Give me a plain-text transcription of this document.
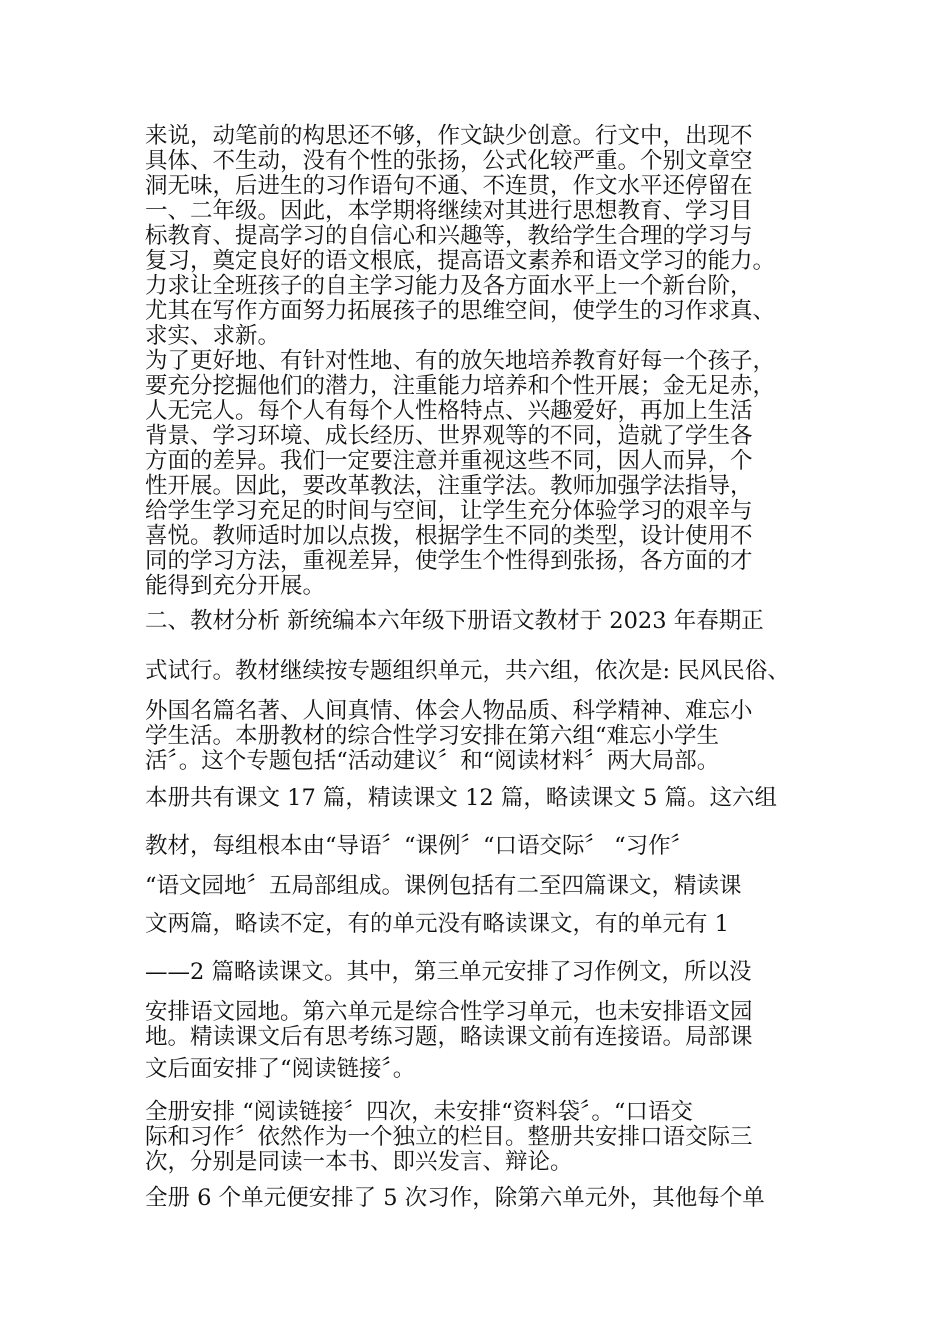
来说，动笔前的构思还不够，作文缺少创意。行文中，出现不
具体、不生动，没有个性的张扬，公式化较严重。个别文章空
洞无味，后进生的习作语句不通、不连贯，作文水平还停留在
一、二年级。因此，本学期将继续对其进行思想教育、学习目
标教育、提高学习的自信心和兴趣等，教给学生合理的学习与
复习，奠定良好的语文根底，提高语文素养和语文学习的能力。
力求让全班孩子的自主学习能力及各方面水平上一个新台阶，
尤其在写作方面努力拓展孩子的思维空间，使学生的习作求真、
求实、求新。
为了更好地、有针对性地、有的放矢地培养教育好每一个孩子，
要充分挖掘他们的潜力，注重能力培养和个性开展；金无足赤，
人无完人。每个人有每个人性格特点、兴趣爱好，再加上生活
背景、学习环境、成长经历、世界观等的不同，造就了学生各
方面的差异。我们一定要注意并重视这些不同，因人而异，个
性开展。因此，要改革教法，注重学法。教师加强学法指导，
给学生学习充足的时间与空间，让学生充分体验学习的艰辛与
喜悦。教师适时加以点拨，根据学生不同的类型，设计使用不
同的学习方法，重视差异，使学生个性得到张扬，各方面的才
能得到充分开展。
二、教材分析 新统编本六年级下册语文教材于 2023 年春期正
式试行。教材继续按专题组织单元，共六组，依次是: 民风民俗、
外国名篇名著、人间真情、体会人物品质、科学精神、难忘小
学生活。本册教材的综合性学习安排在第六组“难忘小学生
活〞。这个专题包括“活动建议〞和“阅读材料〞两大局部。
本册共有课文 17 篇，精读课文 12 篇，略读课文 5 篇。这六组
教材，每组根本由“导语〞“课例〞“口语交际〞 “习作〞
“语文园地〞五局部组成。课例包括有二至四篇课文，精读课
文两篇，略读不定，有的单元没有略读课文，有的单元有 1
——2 篇略读课文。其中，第三单元安排了习作例文，所以没
安排语文园地。第六单元是综合性学习单元，也未安排语文园
地。精读课文后有思考练习题，略读课文前有连接语。局部课
文后面安排了“阅读链接〞。
全册安排 “阅读链接〞四次，未安排“资料袋〞。“口语交
际和习作〞依然作为一个独立的栏目。整册共安排口语交际三
次，分别是同读一本书、即兴发言、辩论。
全册 6 个单元便安排了 5 次习作，除第六单元外，其他每个单
